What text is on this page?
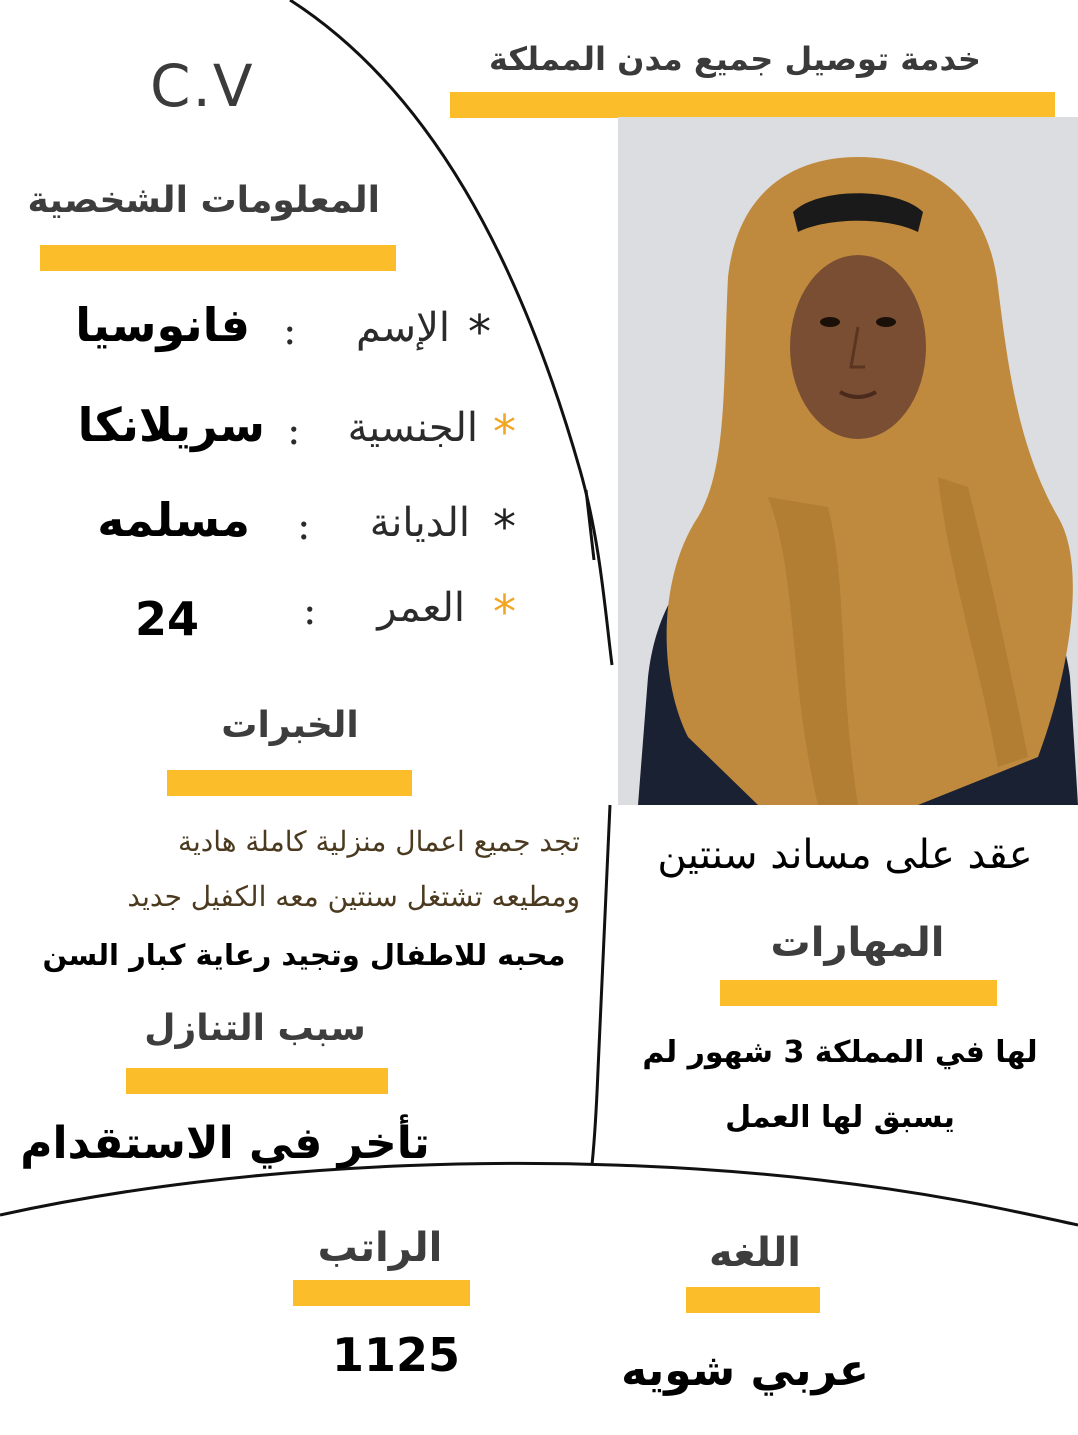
خدمة توصيل جميع مدن المملكة
C.V
المعلومات الشخصية
*
الإسم
:
فانوسيا
*
الجنسية
:
سريلانكا
*
الديانة
:
مسلمه
*
العمر
:
24
الخبرات
تجد جميع اعمال منزلية كاملة هادية
ومطيعه تشتغل سنتين معه الكفيل جديد
محبه للاطفال وتجيد رعاية كبار السن
سبب التنازل
تأخر في الاستقدام
عقد على مساند سنتين
المهارات
لها في المملكة 3 شهور لم
يسبق لها العمل
الراتب
1125
اللغه
عربي شويه
